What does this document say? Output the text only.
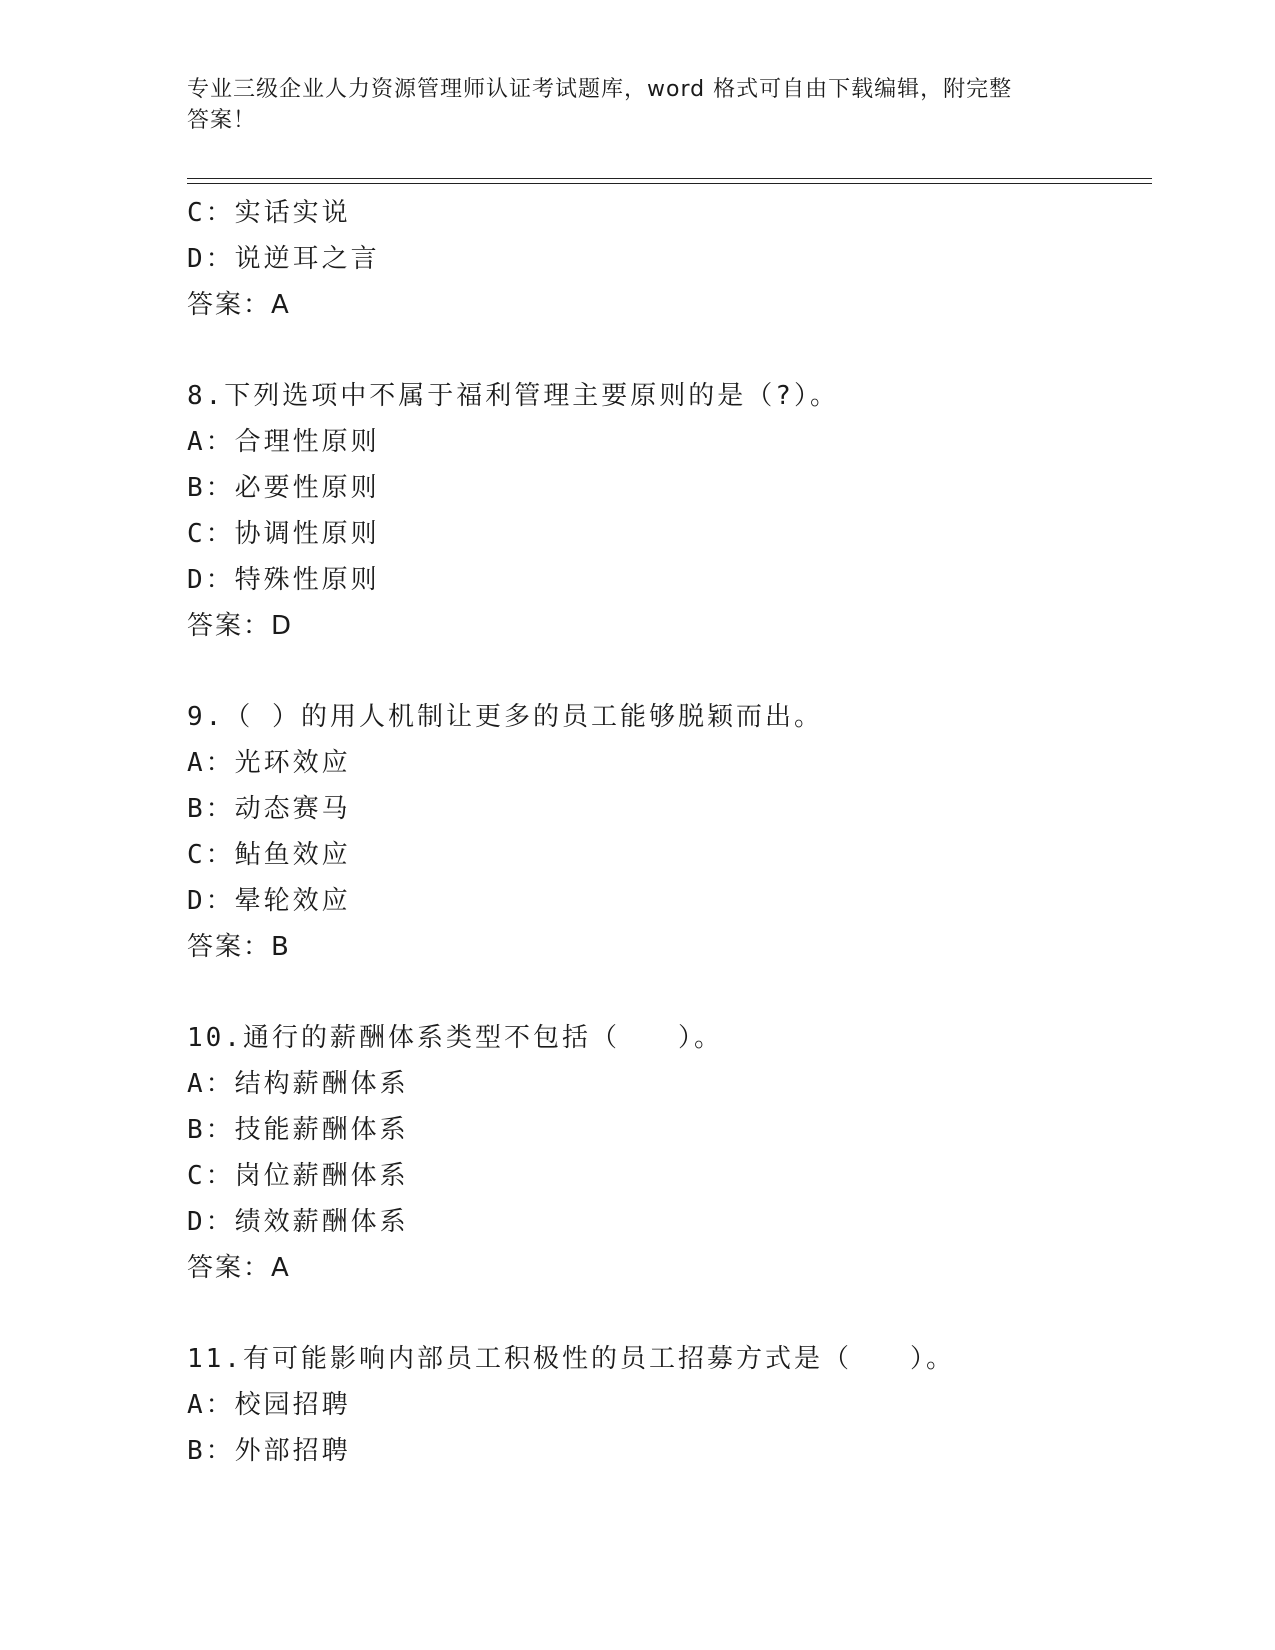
专业三级企业人力资源管理师认证考试题库，word 格式可自由下载编辑，附完整
答案！
C：实话实说
D：说逆耳之言
答案：A
8.下列选项中不属于福利管理主要原则的是（?）。
A：合理性原则
B：必要性原则
C：协调性原则
D：特殊性原则
答案：D
9.（ ）的用人机制让更多的员工能够脱颖而出。
A：光环效应
B：动态赛马
C：鲇鱼效应
D：晕轮效应
答案：B
10.通行的薪酬体系类型不包括（　　）。
A：结构薪酬体系
B：技能薪酬体系
C：岗位薪酬体系
D：绩效薪酬体系
答案：A
11.有可能影响内部员工积极性的员工招募方式是（　　）。
A：校园招聘
B：外部招聘
